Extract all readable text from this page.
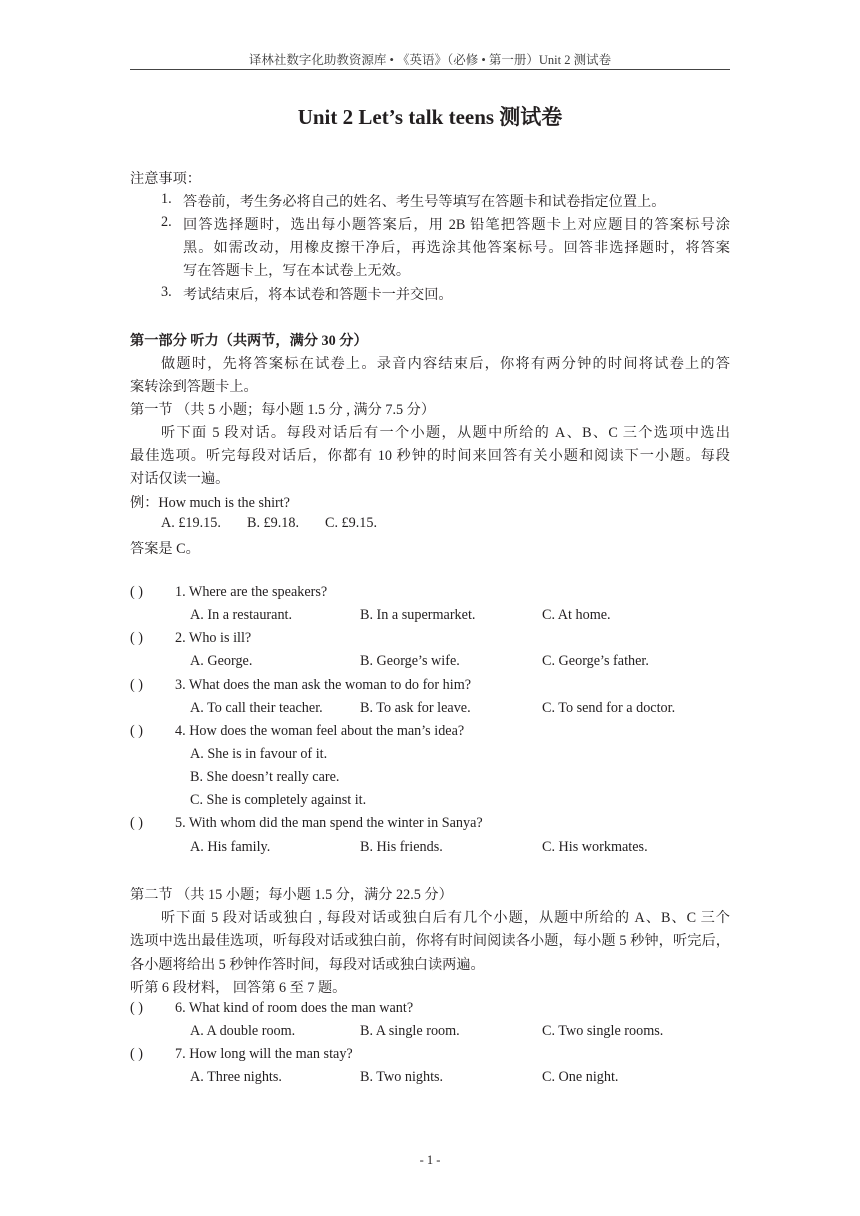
译林社数字化助教资源库 • 《英语》（必修 • 第一册）Unit 2 测试卷
Unit 2 Let’s talk teens 测试卷
注意事项：
1. 答卷前，考生务必将自己的姓名、考生号等填写在答题卡和试卷指定位置上。
2. 回答选择题时，选出每小题答案后，用 2B 铅笔把答题卡上对应题目的答案标号涂
黑。如需改动，用橡皮擦干净后，再选涂其他答案标号。回答非选择题时，将答案
写在答题卡上，写在本试卷上无效。
3. 考试结束后，将本试卷和答题卡一并交回。
第一部分 听力（共两节，满分 30 分）
做题时，先将答案标在试卷上。录音内容结束后，你将有两分钟的时间将试卷上的答
案转涂到答题卡上。
第一节 （共 5 小题；每小题 1.5 分 , 满分 7.5 分）
听下面 5 段对话。每段对话后有一个小题，从题中所给的 A、B、C 三个选项中选出
最佳选项。听完每段对话后，你都有 10 秒钟的时间来回答有关小题和阅读下一小题。每段
对话仅读一遍。
例：How much is the shirt?
A. £19.15. B. £9.18. C. £9.15.
答案是 C。
( ) 1. Where are the speakers?
A. In a restaurant.	B. In a supermarket.	C. At home.
( ) 2. Who is ill?
A. George.	B. George’s wife.	C. George’s father.
( ) 3. What does the man ask the woman to do for him?
A. To call their teacher.	B. To ask for leave.	C. To send for a doctor.
( ) 4. How does the woman feel about the man’s idea?
A. She is in favour of it.
B. She doesn’t really care.
C. She is completely against it.
( ) 5. With whom did the man spend the winter in Sanya?
A. His family.	B. His friends.	C. His workmates.
第二节 （共 15 小题；每小题 1.5 分，满分 22.5 分）
听下面 5 段对话或独白 , 每段对话或独白后有几个小题，从题中所给的 A、B、C 三个
选项中选出最佳选项，听每段对话或独白前，你将有时间阅读各小题，每小题 5 秒钟，听完后，
各小题将给出 5 秒钟作答时间，每段对话或独白读两遍。
听第 6 段材料， 回答第 6 至 7 题。
( ) 6. What kind of room does the man want?
A. A double room.	B. A single room.	C. Two single rooms.
( ) 7. How long will the man stay?
A. Three nights.	B. Two nights.	C. One night.
- 1 -
